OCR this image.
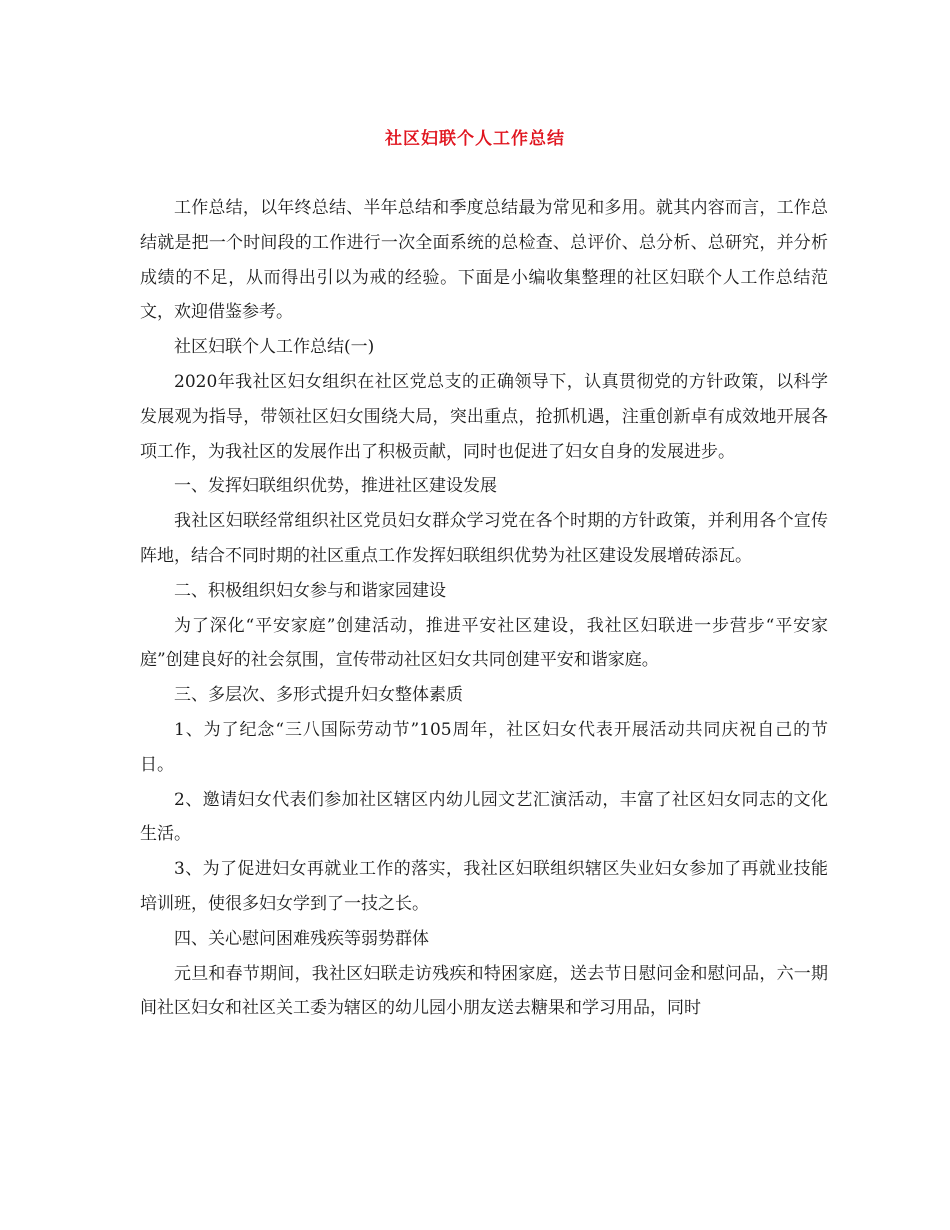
社区妇联个人工作总结

工作总结，以年终总结、半年总结和季度总结最为常见和多用。就其内容而言，工作总结就是把一个时间段的工作进行一次全面系统的总检查、总评价、总分析、总研究，并分析成绩的不足，从而得出引以为戒的经验。下面是小编收集整理的社区妇联个人工作总结范文，欢迎借鉴参考。

社区妇联个人工作总结(一)

2020年我社区妇女组织在社区党总支的正确领导下，认真贯彻党的方针政策，以科学发展观为指导，带领社区妇女围绕大局，突出重点，抢抓机遇，注重创新卓有成效地开展各项工作，为我社区的发展作出了积极贡献，同时也促进了妇女自身的发展进步。

一、发挥妇联组织优势，推进社区建设发展

我社区妇联经常组织社区党员妇女群众学习党在各个时期的方针政策，并利用各个宣传阵地，结合不同时期的社区重点工作发挥妇联组织优势为社区建设发展增砖添瓦。

二、积极组织妇女参与和谐家园建设

为了深化“平安家庭”创建活动，推进平安社区建设，我社区妇联进一步营步“平安家庭”创建良好的社会氛围，宣传带动社区妇女共同创建平安和谐家庭。

三、多层次、多形式提升妇女整体素质

1、为了纪念“三八国际劳动节”105周年，社区妇女代表开展活动共同庆祝自己的节日。

2、邀请妇女代表们参加社区辖区内幼儿园文艺汇演活动，丰富了社区妇女同志的文化生活。

3、为了促进妇女再就业工作的落实，我社区妇联组织辖区失业妇女参加了再就业技能培训班，使很多妇女学到了一技之长。

四、关心慰问困难残疾等弱势群体

元旦和春节期间，我社区妇联走访残疾和特困家庭，送去节日慰问金和慰问品，六一期间社区妇女和社区关工委为辖区的幼儿园小朋友送去糖果和学习用品，同时
